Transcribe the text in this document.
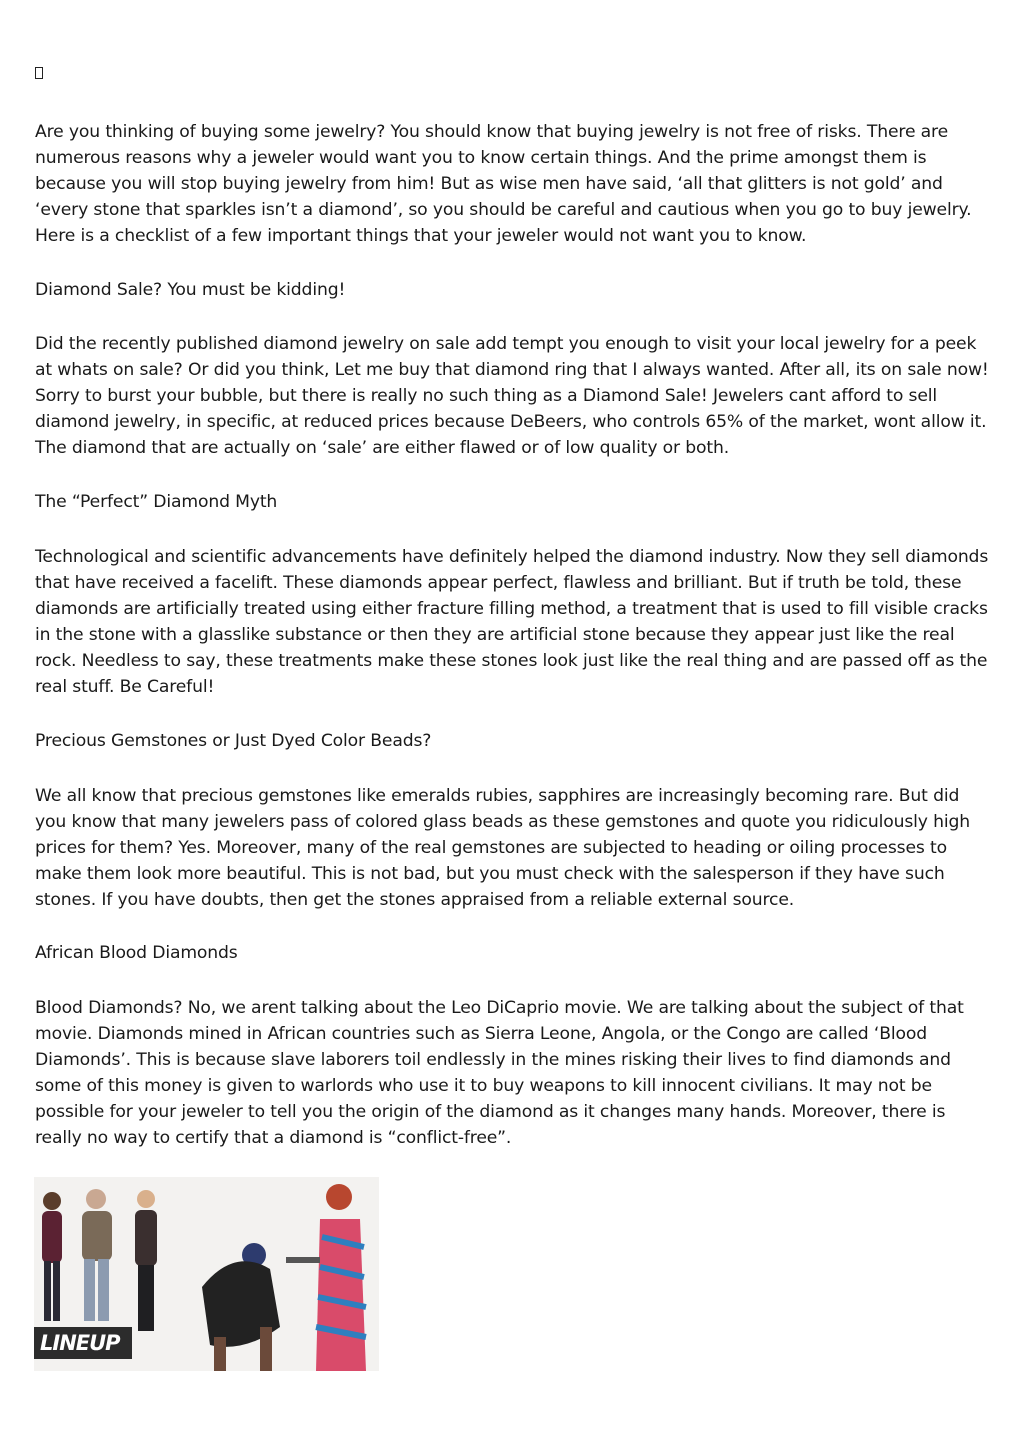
Are you thinking of buying some jewelry? You should know that buying jewelry is not free of risks. There are numerous reasons why a jeweler would want you to know certain things. And the prime amongst them is because you will stop buying jewelry from him! But as wise men have said, ‘all that glitters is not gold’ and ‘every stone that sparkles isn’t a diamond’, so you should be careful and cautious when you go to buy jewelry. Here is a checklist of a few important things that your jeweler would not want you to know.

Diamond Sale? You must be kidding!

Did the recently published diamond jewelry on sale add tempt you enough to visit your local jewelry for a peek at whats on sale? Or did you think, Let me buy that diamond ring that I always wanted. After all, its on sale now! Sorry to burst your bubble, but there is really no such thing as a Diamond Sale! Jewelers cant afford to sell diamond jewelry, in specific, at reduced prices because DeBeers, who controls 65% of the market, wont allow it. The diamond that are actually on ‘sale’ are either flawed or of low quality or both.

The “Perfect” Diamond Myth

Technological and scientific advancements have definitely helped the diamond industry. Now they sell diamonds that have received a facelift. These diamonds appear perfect, flawless and brilliant. But if truth be told, these diamonds are artificially treated using either fracture filling method, a treatment that is used to fill visible cracks in the stone with a glasslike substance or then they are artificial stone because they appear just like the real rock. Needless to say, these treatments make these stones look just like the real thing and are passed off as the real stuff. Be Careful!

Precious Gemstones or Just Dyed Color Beads?

We all know that precious gemstones like emeralds rubies, sapphires are increasingly becoming rare. But did you know that many jewelers pass of colored glass beads as these gemstones and quote you ridiculously high prices for them? Yes. Moreover, many of the real gemstones are subjected to heading or oiling processes to make them look more beautiful. This is not bad, but you must check with the salesperson if they have such stones. If you have doubts, then get the stones appraised from a reliable external source.

African Blood Diamonds

Blood Diamonds? No, we arent talking about the Leo DiCaprio movie. We are talking about the subject of that movie. Diamonds mined in African countries such as Sierra Leone, Angola, or the Congo are called ‘Blood Diamonds’. This is because slave laborers toil endlessly in the mines risking their lives to find diamonds and some of this money is given to warlords who use it to buy weapons to kill innocent civilians. It may not be possible for your jeweler to tell you the origin of the diamond as it changes many hands. Moreover, there is really no way to certify that a diamond is “conflict-free”.

LINEUP
